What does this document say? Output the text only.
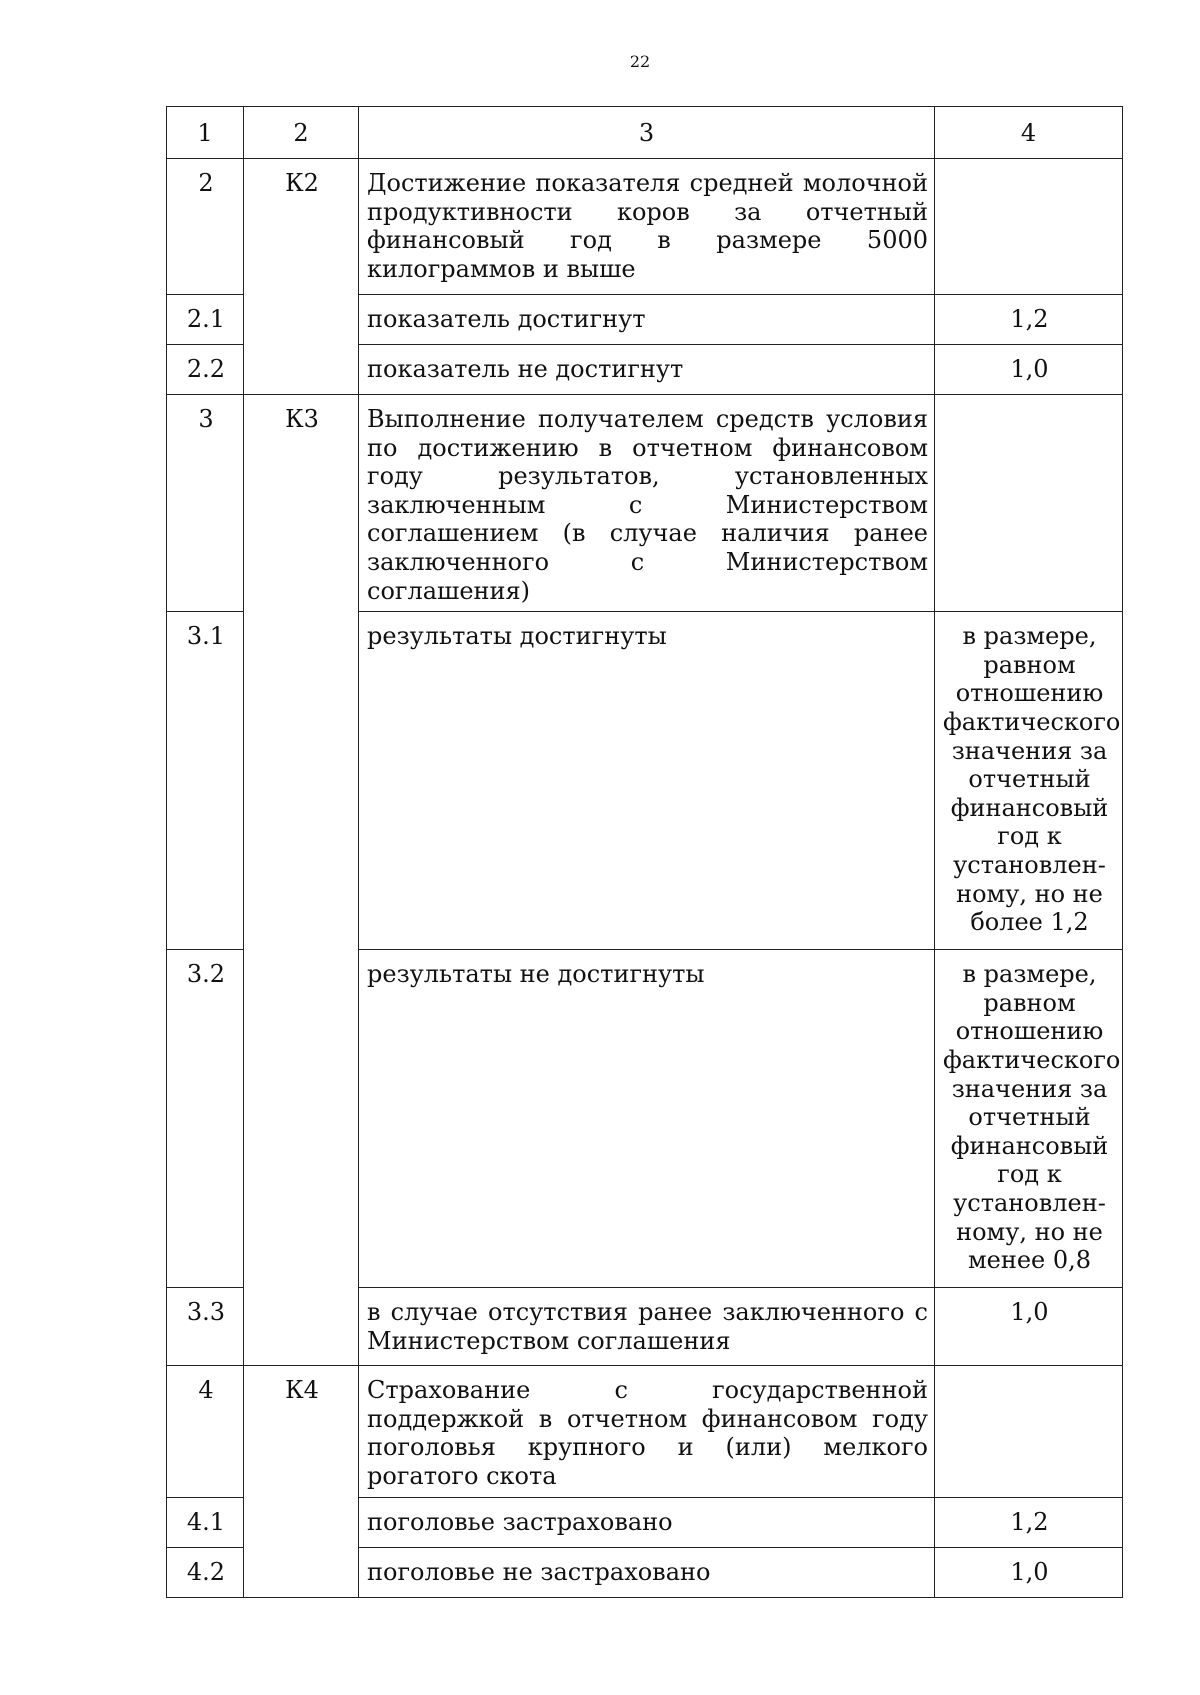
22
1	2	3	4
2	К2	Достижение показателя средней молочной продуктивности коров за отчетный финансовый год в размере 5000 килограммов и выше	
2.1		показатель достигнут	1,2
2.2		показатель не достигнут	1,0
3	К3	Выполнение получателем средств условия по достижению в отчетном финансовом году результатов, установленных заключенным с Министерством соглашением (в случае наличия ранее заключенного с Министерством соглашения)	
3.1		результаты достигнуты	в размере, равном отношению фактического значения за отчетный финансовый год к установлен-ному, но не более 1,2
3.2		результаты не достигнуты	в размере, равном отношению фактического значения за отчетный финансовый год к установлен-ному, но не менее 0,8
3.3		в случае отсутствия ранее заключенного с Министерством соглашения	1,0
4	К4	Страхование с государственной поддержкой в отчетном финансовом году поголовья крупного и (или) мелкого рогатого скота	
4.1		поголовье застраховано	1,2
4.2		поголовье не застраховано	1,0
